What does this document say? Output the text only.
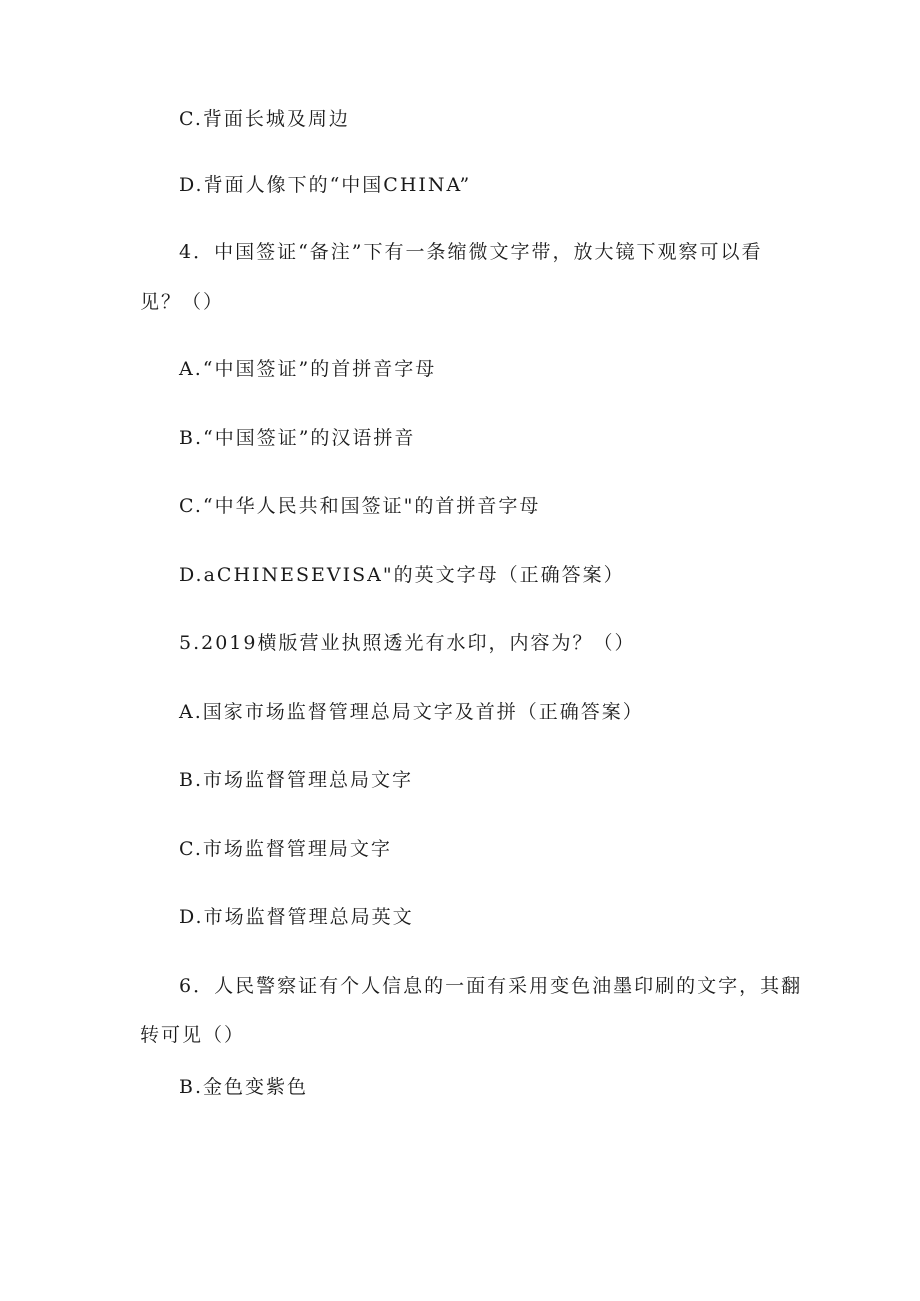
C.背面长城及周边
D.背面人像下的“中国CHINA”
4．中国签证“备注”下有一条缩微文字带，放大镜下观察可以看
见？（）
A.“中国签证”的首拼音字母
B.“中国签证”的汉语拼音
C.“中华人民共和国签证"的首拼音字母
D.aCHINESEVISA"的英文字母（正确答案）
5.2019横版营业执照透光有水印，内容为？（）
A.国家市场监督管理总局文字及首拼（正确答案）
B.市场监督管理总局文字
C.市场监督管理局文字
D.市场监督管理总局英文
6．人民警察证有个人信息的一面有采用变色油墨印刷的文字，其翻
转可见（）
B.金色变紫色
